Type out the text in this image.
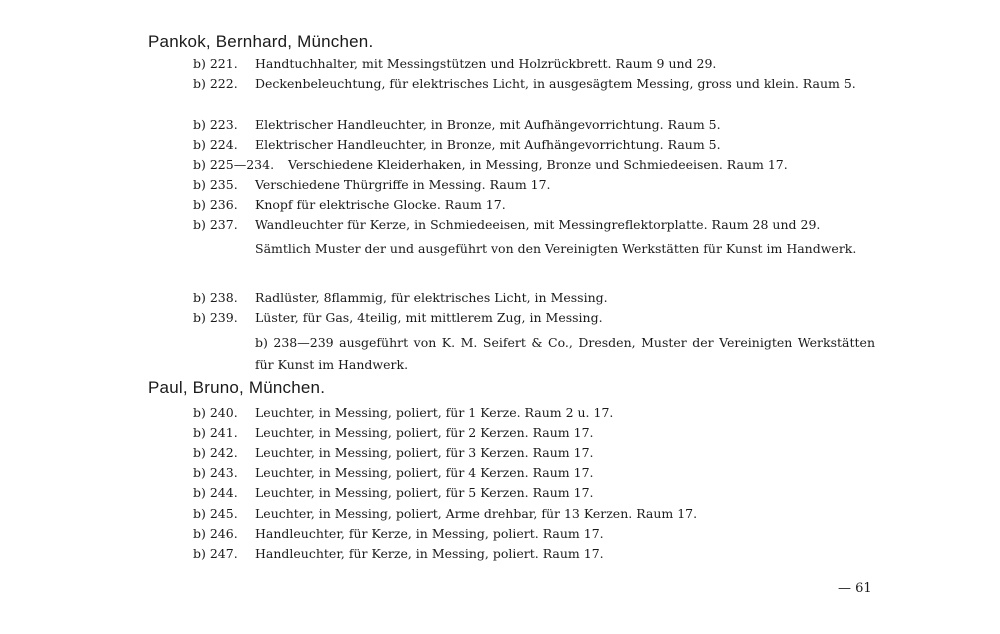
Pankok, Bernhard, München.
b) 221. Handtuchhalter, mit Messingstützen und Holzrückbrett. Raum 9 und 29.
b) 222. Deckenbeleuchtung, für elektrisches Licht, in ausgesägtem Messing, gross und klein. Raum 5.
b) 223. Elektrischer Handleuchter, in Bronze, mit Aufhängevorrichtung. Raum 5.
b) 224. Elektrischer Handleuchter, in Bronze, mit Aufhängevorrichtung. Raum 5.
b) 225—234. Verschiedene Kleiderhaken, in Messing, Bronze und Schmiedeeisen. Raum 17.
b) 235. Verschiedene Thürgriffe in Messing. Raum 17.
b) 236. Knopf für elektrische Glocke. Raum 17.
b) 237. Wandleuchter für Kerze, in Schmiedeeisen, mit Messingreflektorplatte. Raum 28 und 29.
Sämtlich Muster der und ausgeführt von den Vereinigten Werkstätten für Kunst im Handwerk.
b) 238. Radlüster, 8flammig, für elektrisches Licht, in Messing.
b) 239. Lüster, für Gas, 4teilig, mit mittlerem Zug, in Messing.
b) 238—239 ausgeführt von K. M. Seifert & Co., Dresden, Muster der Vereinigten Werkstätten für Kunst im Handwerk.
Paul, Bruno, München.
b) 240. Leuchter, in Messing, poliert, für 1 Kerze. Raum 2 u. 17.
b) 241. Leuchter, in Messing, poliert, für 2 Kerzen. Raum 17.
b) 242. Leuchter, in Messing, poliert, für 3 Kerzen. Raum 17.
b) 243. Leuchter, in Messing, poliert, für 4 Kerzen. Raum 17.
b) 244. Leuchter, in Messing, poliert, für 5 Kerzen. Raum 17.
b) 245. Leuchter, in Messing, poliert, Arme drehbar, für 13 Kerzen. Raum 17.
b) 246. Handleuchter, für Kerze, in Messing, poliert. Raum 17.
b) 247. Handleuchter, für Kerze, in Messing, poliert. Raum 17.
— 61
